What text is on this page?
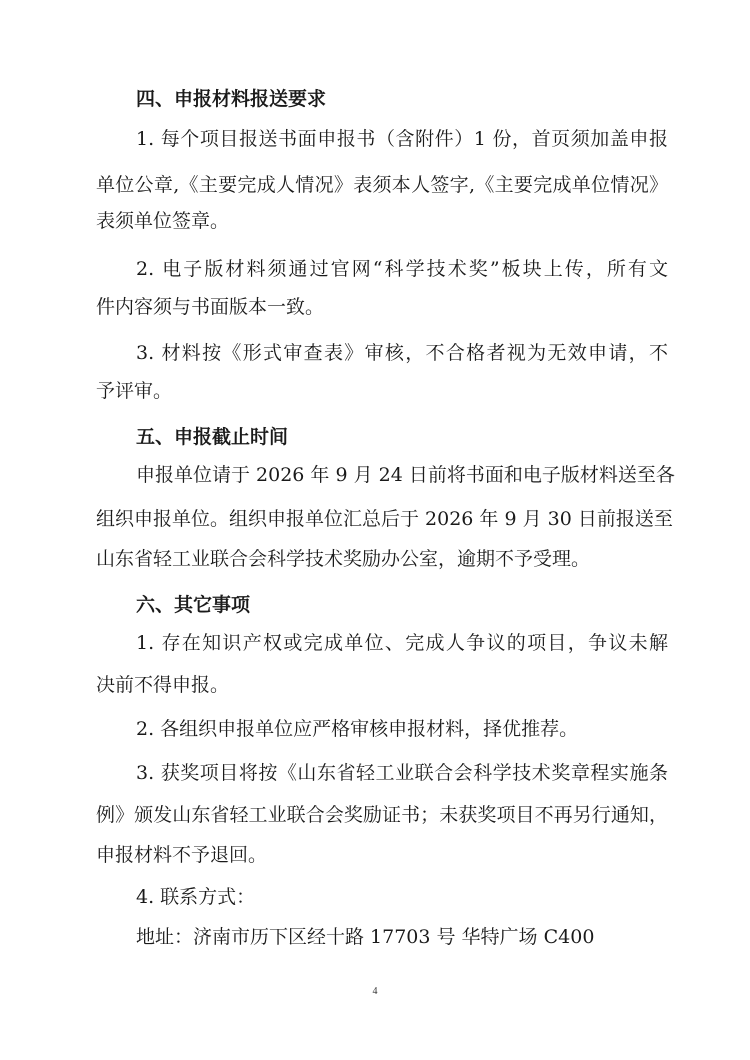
四、申报材料报送要求
1. 每个项目报送书面申报书（含附件）1 份，首页须加盖申报
单位公章,《主要完成人情况》表须本人签字,《主要完成单位情况》
表须单位签章。
2. 电子版材料须通过官网“科学技术奖”板块上传，所有文
件内容须与书面版本一致。
3. 材料按《形式审查表》审核，不合格者视为无效申请，不
予评审。
五、申报截止时间
申报单位请于 2026 年 9 月 24 日前将书面和电子版材料送至各
组织申报单位。组织申报单位汇总后于 2026 年 9 月 30 日前报送至
山东省轻工业联合会科学技术奖励办公室，逾期不予受理。
六、其它事项
1. 存在知识产权或完成单位、完成人争议的项目，争议未解
决前不得申报。
2. 各组织申报单位应严格审核申报材料，择优推荐。
3. 获奖项目将按《山东省轻工业联合会科学技术奖章程实施条
例》颁发山东省轻工业联合会奖励证书；未获奖项目不再另行通知，
申报材料不予退回。
4. 联系方式：
地址：济南市历下区经十路 17703 号 华特广场 C400
4
